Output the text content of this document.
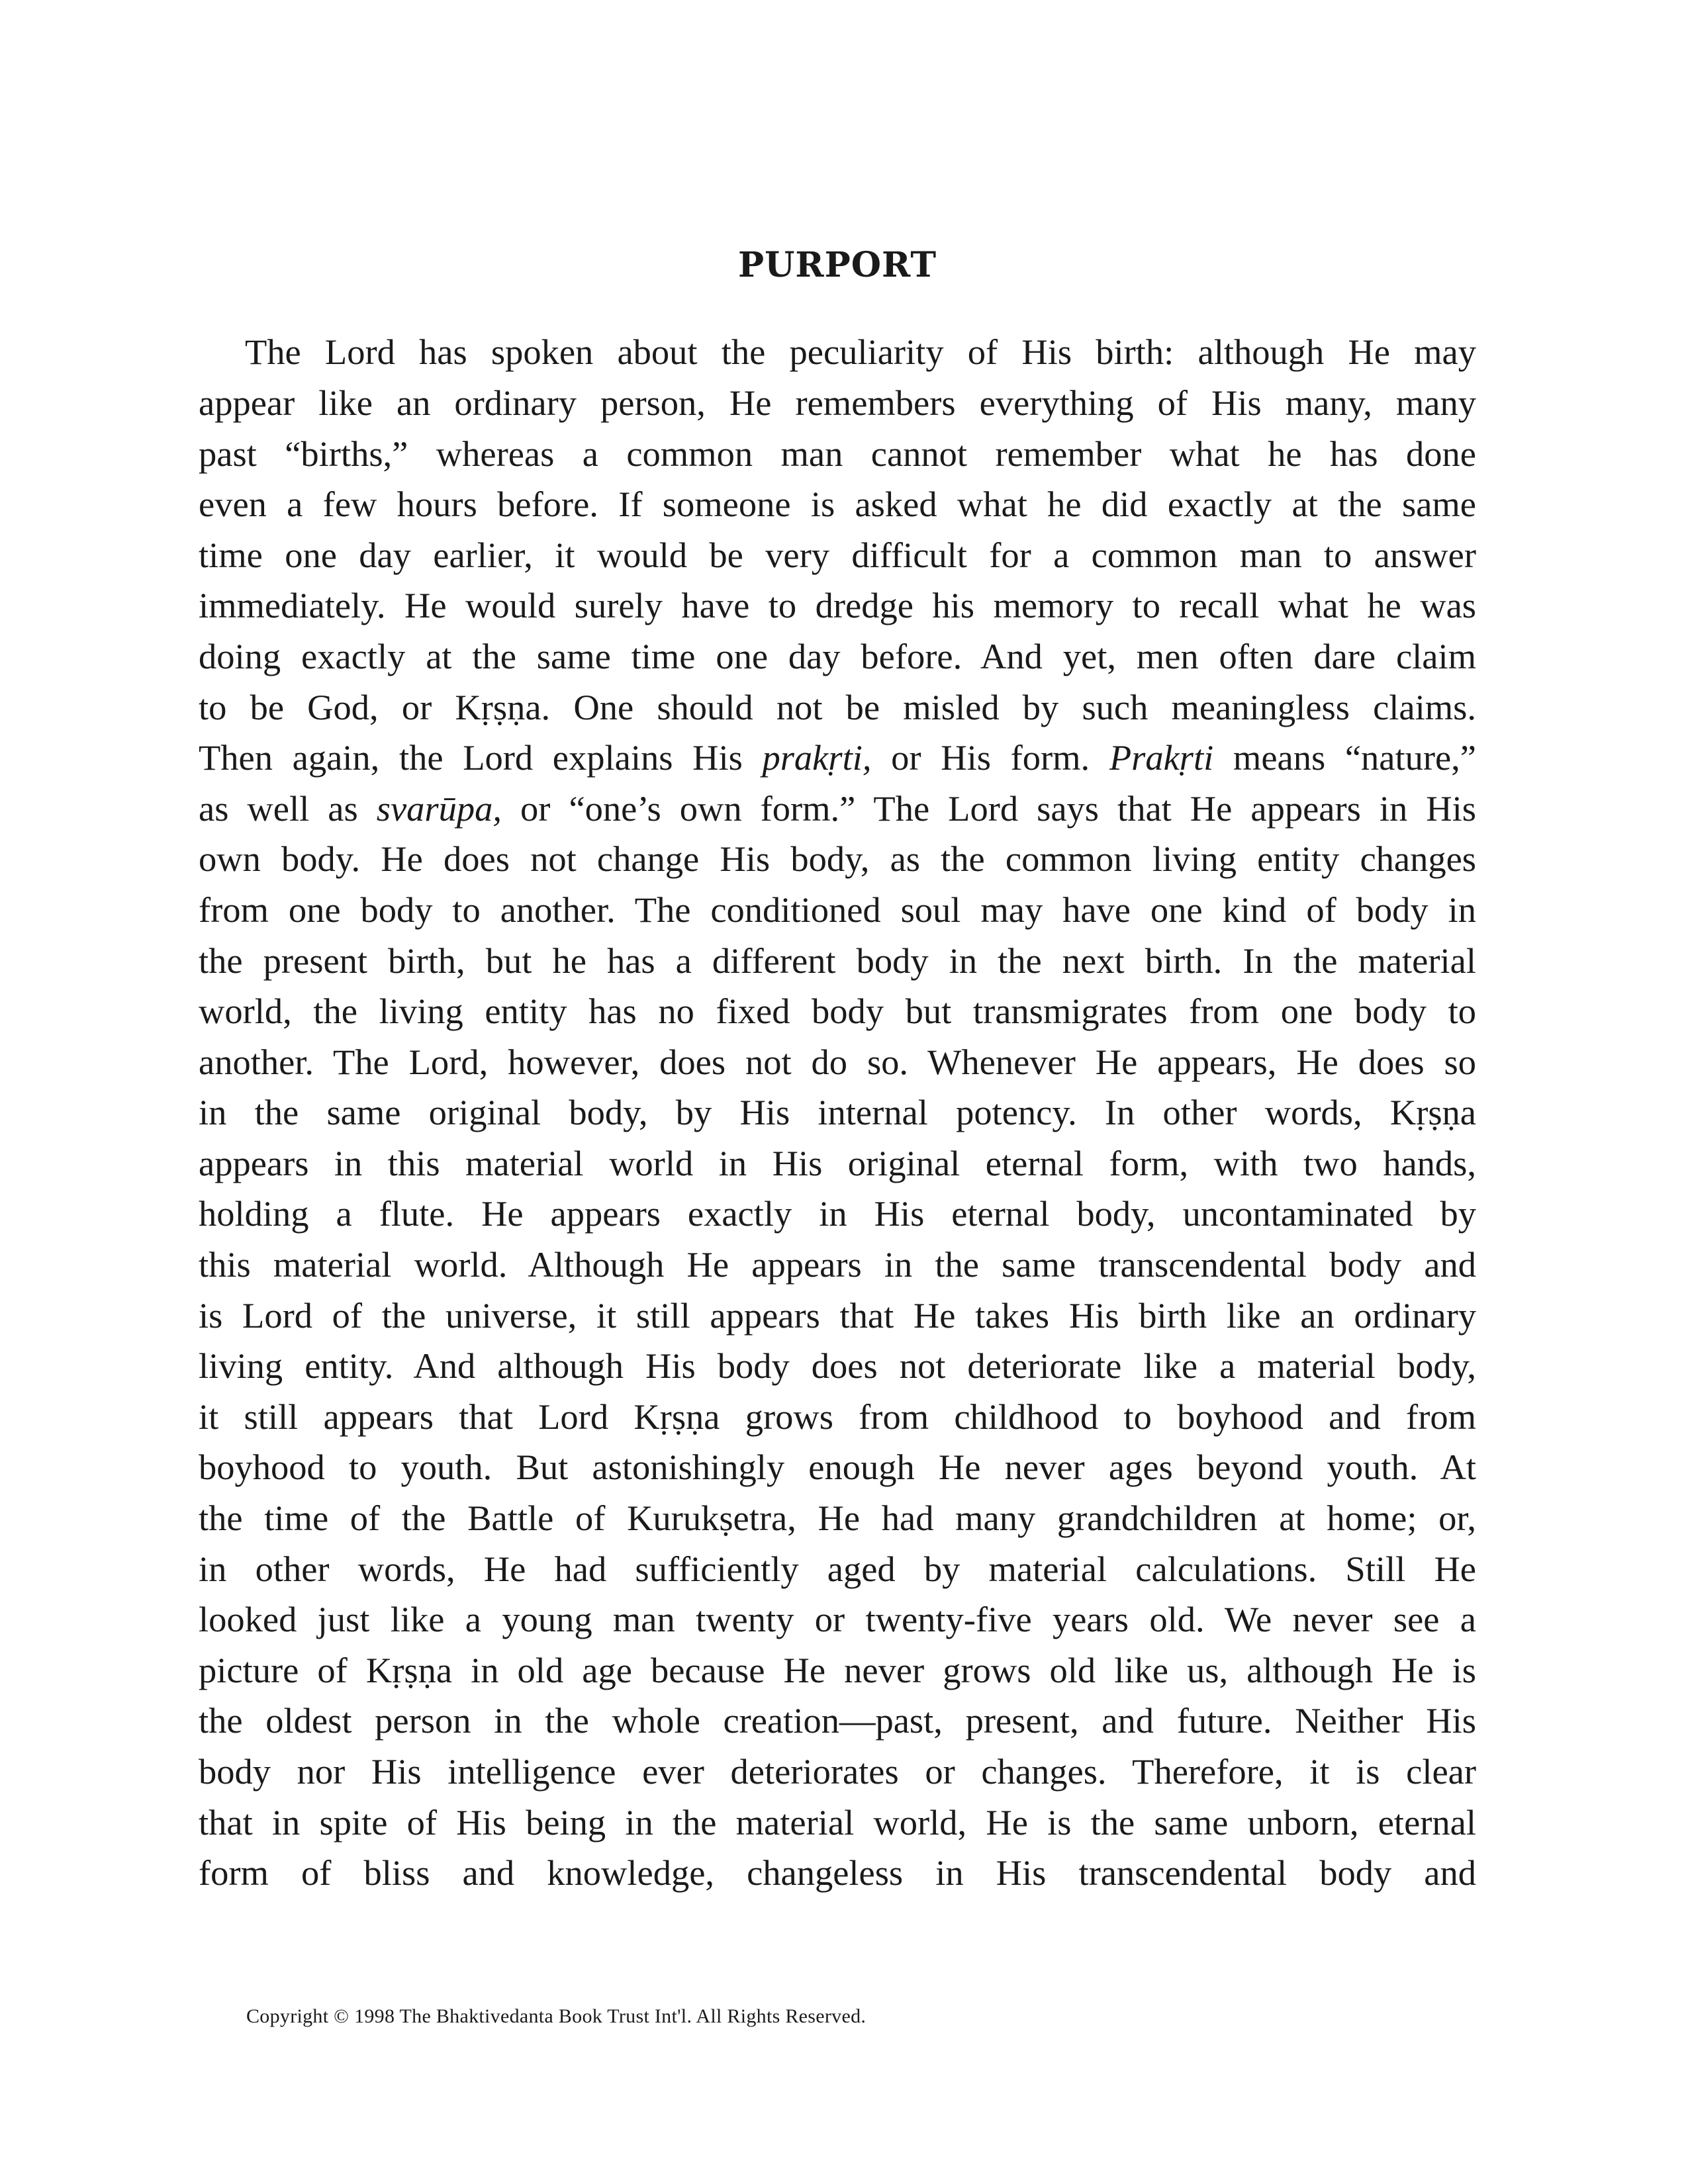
PURPORT
The Lord has spoken about the peculiarity of His birth: although He may
appear like an ordinary person, He remembers everything of His many, many
past “births,” whereas a common man cannot remember what he has done
even a few hours before. If someone is asked what he did exactly at the same
time one day earlier, it would be very difficult for a common man to answer
immediately. He would surely have to dredge his memory to recall what he was
doing exactly at the same time one day before. And yet, men often dare claim
to be God, or Kṛṣṇa. One should not be misled by such meaningless claims.
Then again, the Lord explains His prakṛti, or His form. Prakṛti means “nature,”
as well as svarūpa, or “one’s own form.” The Lord says that He appears in His
own body. He does not change His body, as the common living entity changes
from one body to another. The conditioned soul may have one kind of body in
the present birth, but he has a different body in the next birth. In the material
world, the living entity has no fixed body but transmigrates from one body to
another. The Lord, however, does not do so. Whenever He appears, He does so
in the same original body, by His internal potency. In other words, Kṛṣṇa
appears in this material world in His original eternal form, with two hands,
holding a flute. He appears exactly in His eternal body, uncontaminated by
this material world. Although He appears in the same transcendental body and
is Lord of the universe, it still appears that He takes His birth like an ordinary
living entity. And although His body does not deteriorate like a material body,
it still appears that Lord Kṛṣṇa grows from childhood to boyhood and from
boyhood to youth. But astonishingly enough He never ages beyond youth. At
the time of the Battle of Kurukṣetra, He had many grandchildren at home; or,
in other words, He had sufficiently aged by material calculations. Still He
looked just like a young man twenty or twenty-five years old. We never see a
picture of Kṛṣṇa in old age because He never grows old like us, although He is
the oldest person in the whole creation—past, present, and future. Neither His
body nor His intelligence ever deteriorates or changes. Therefore, it is clear
that in spite of His being in the material world, He is the same unborn, eternal
form of bliss and knowledge, changeless in His transcendental body and
Copyright © 1998 The Bhaktivedanta Book Trust Int'l. All Rights Reserved.
